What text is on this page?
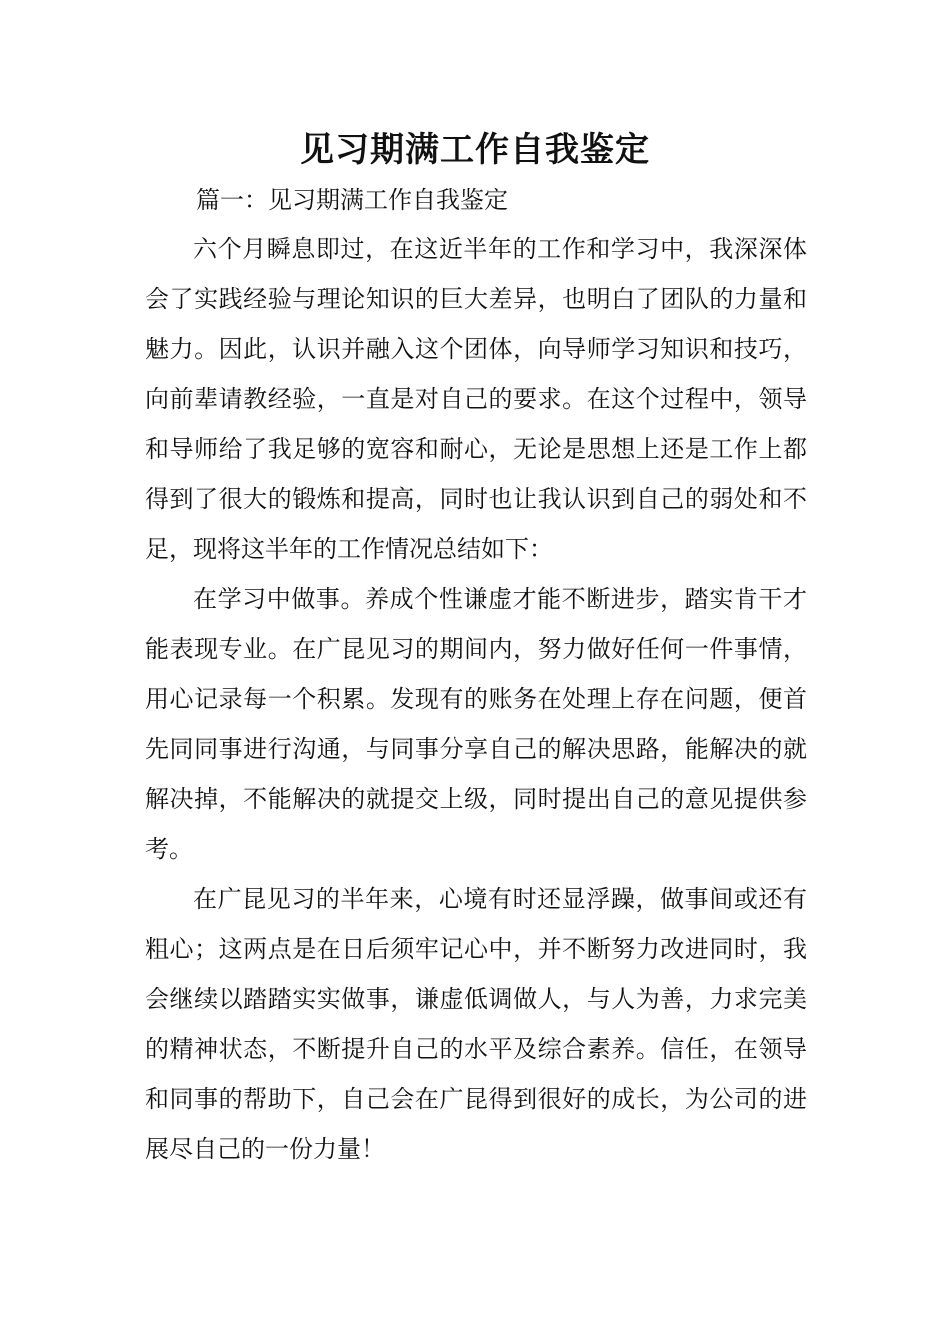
见习期满工作自我鉴定
篇一：见习期满工作自我鉴定

六个月瞬息即过，在这近半年的工作和学习中，我深深体会了实践经验与理论知识的巨大差异，也明白了团队的力量和魅力。因此，认识并融入这个团体，向导师学习知识和技巧，向前辈请教经验，一直是对自己的要求。在这个过程中，领导和导师给了我足够的宽容和耐心，无论是思想上还是工作上都得到了很大的锻炼和提高，同时也让我认识到自己的弱处和不足，现将这半年的工作情况总结如下：

在学习中做事。养成个性谦虚才能不断进步，踏实肯干才能表现专业。在广昆见习的期间内，努力做好任何一件事情，用心记录每一个积累。发现有的账务在处理上存在问题，便首先同同事进行沟通，与同事分享自己的解决思路，能解决的就解决掉，不能解决的就提交上级，同时提出自己的意见提供参考。

在广昆见习的半年来，心境有时还显浮躁，做事间或还有粗心；这两点是在日后须牢记心中，并不断努力改进同时，我会继续以踏踏实实做事，谦虚低调做人，与人为善，力求完美的精神状态，不断提升自己的水平及综合素养。信任，在领导和同事的帮助下，自己会在广昆得到很好的成长，为公司的进展尽自己的一份力量！
